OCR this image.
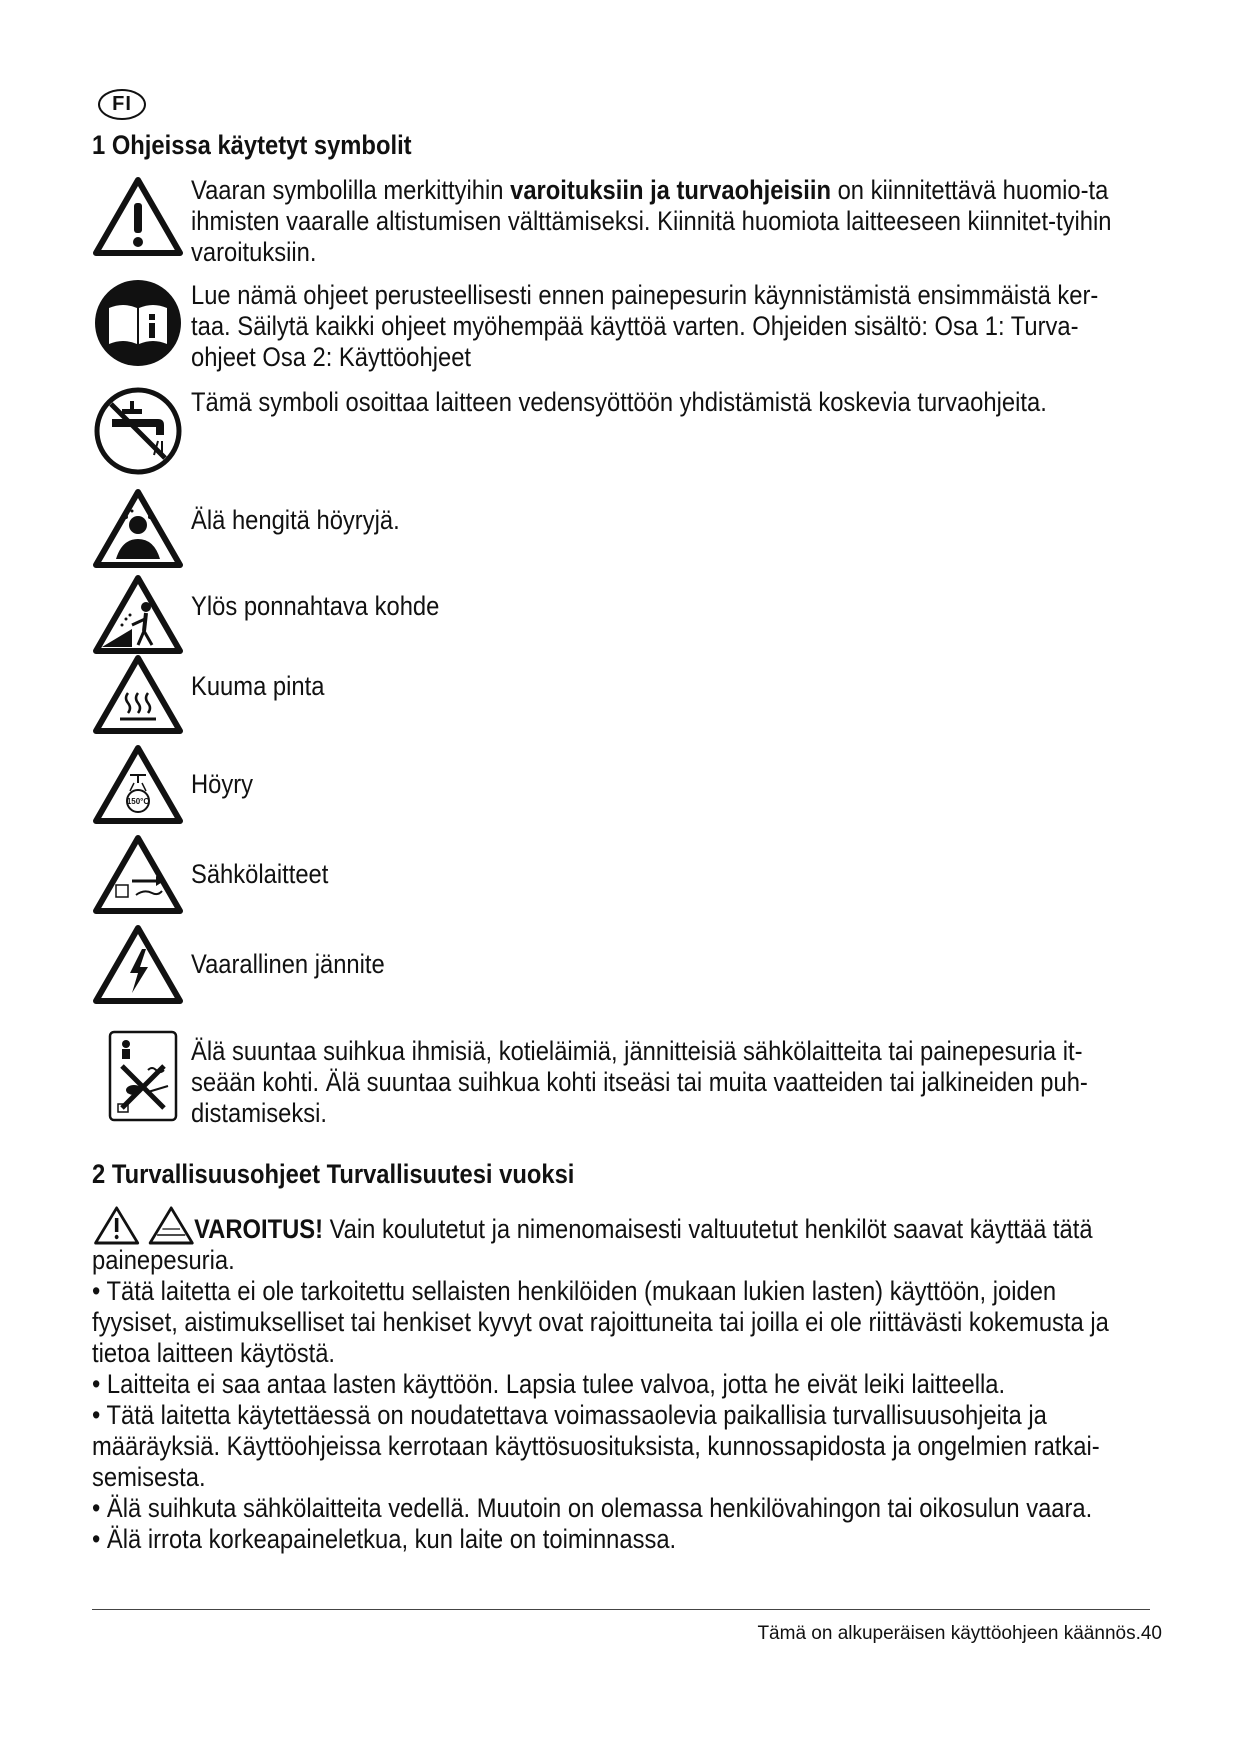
FI
1 Ohjeissa käytetyt symbolit
Vaaran symbolilla merkittyihin varoituksiin ja turvaohjeisiin on kiinnitettävä huomio-ta ihmisten vaaralle altistumisen välttämiseksi. Kiinnitä huomiota laitteeseen kiinnitet-tyihin varoituksiin.
Lue nämä ohjeet perusteellisesti ennen painepesurin käynnistämistä ensimmäistä ker-taa. Säilytä kaikki ohjeet myöhempää käyttöä varten. Ohjeiden sisältö: Osa 1: Turva-ohjeet Osa 2: Käyttöohjeet
Tämä symboli osoittaa laitteen vedensyöttöön yhdistämistä koskevia turvaohjeita.
Älä hengitä höyryjä.
Ylös ponnahtava kohde
Kuuma pinta
150°C
Höyry
Sähkölaitteet
Vaarallinen jännite
Älä suuntaa suihkua ihmisiä, kotieläimiä, jännitteisiä sähkölaitteita tai painepesuria it-seään kohti. Älä suuntaa suihkua kohti itseäsi tai muita vaatteiden tai jalkineiden puh-distamiseksi.
2 Turvallisuusohjeet Turvallisuutesi vuoksi
VAROITUS! Vain koulutetut ja nimenomaisesti valtuutetut henkilöt saavat käyttää tätä painepesuria.
• Tätä laitetta ei ole tarkoitettu sellaisten henkilöiden (mukaan lukien lasten) käyttöön, joiden fyysiset, aistimukselliset tai henkiset kyvyt ovat rajoittuneita tai joilla ei ole riittävästi kokemusta ja tietoa laitteen käytöstä.
• Laitteita ei saa antaa lasten käyttöön. Lapsia tulee valvoa, jotta he eivät leiki laitteella.
• Tätä laitetta käytettäessä on noudatettava voimassaolevia paikallisia turvallisuusohjeita ja määräyksiä. Käyttöohjeissa kerrotaan käyttösuosituksista, kunnossapidosta ja ongelmien ratkai-semisesta.
• Älä suihkuta sähkölaitteita vedellä. Muutoin on olemassa henkilövahingon tai oikosulun vaara.
• Älä irrota korkeapaineletkua, kun laite on toiminnassa.
Tämä on alkuperäisen käyttöohjeen käännös.40
